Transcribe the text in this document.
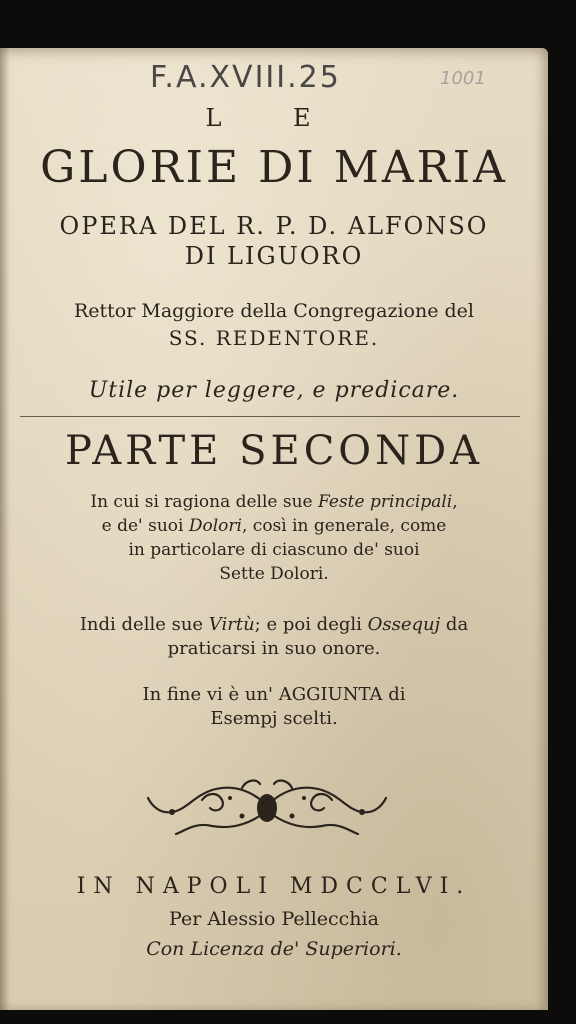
F.A.XVIII.25	1001
L E
GLORIE DI MARIA
OPERA DEL R. P. D. ALFONSO
DI LIGUORO
Rettor Maggiore della Congregazione del
SS. REDENTORE.
Utile per leggere, e predicare.
PARTE SECONDA
In cui si ragiona delle sue Feste principali,
e de' suoi Dolori, così in generale, come
in particolare di ciascuno de' suoi
Sette Dolori.
Indi delle sue Virtù; e poi degli Ossequj da
praticarsi in suo onore.
In fine vi è un' AGGIUNTA di
Esempj scelti.
IN NAPOLI MDCCLVI.
Per Alessio Pellecchia
Con Licenza de' Superiori.
